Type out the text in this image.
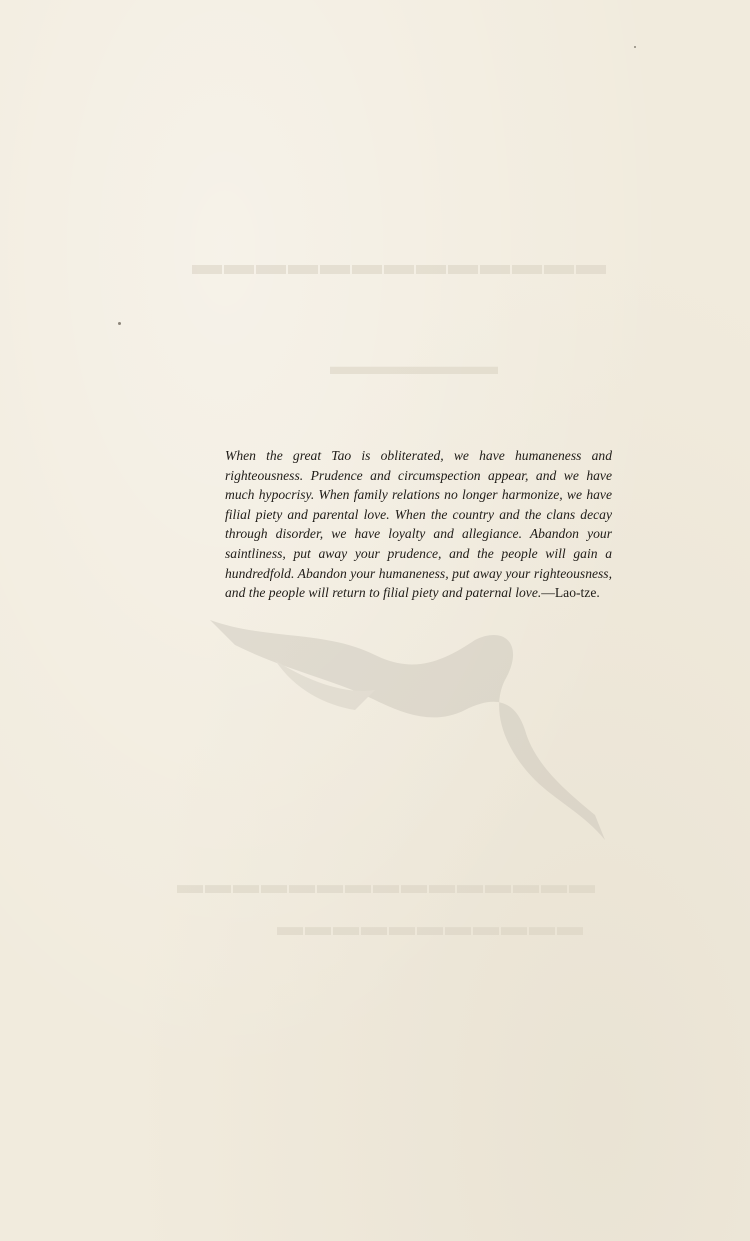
▬▬▬▬▬▬▬▬▬▬▬▬▬
▬▬▬▬▬▬▬
▬▬▬▬▬▬▬▬▬▬▬▬▬▬▬
▬▬▬▬▬▬▬▬▬▬▬

When the great Tao is obliterated, we have humaneness and righteousness. Prudence and circumspection appear, and we have much hypocrisy. When family relations no longer harmonize, we have filial piety and parental love. When the country and the clans decay through disorder, we have loyalty and allegiance. Abandon your saintliness, put away your prudence, and the people will gain a hundredfold. Abandon your humaneness, put away your righteousness, and the people will return to filial piety and paternal love.—Lao-tze.
